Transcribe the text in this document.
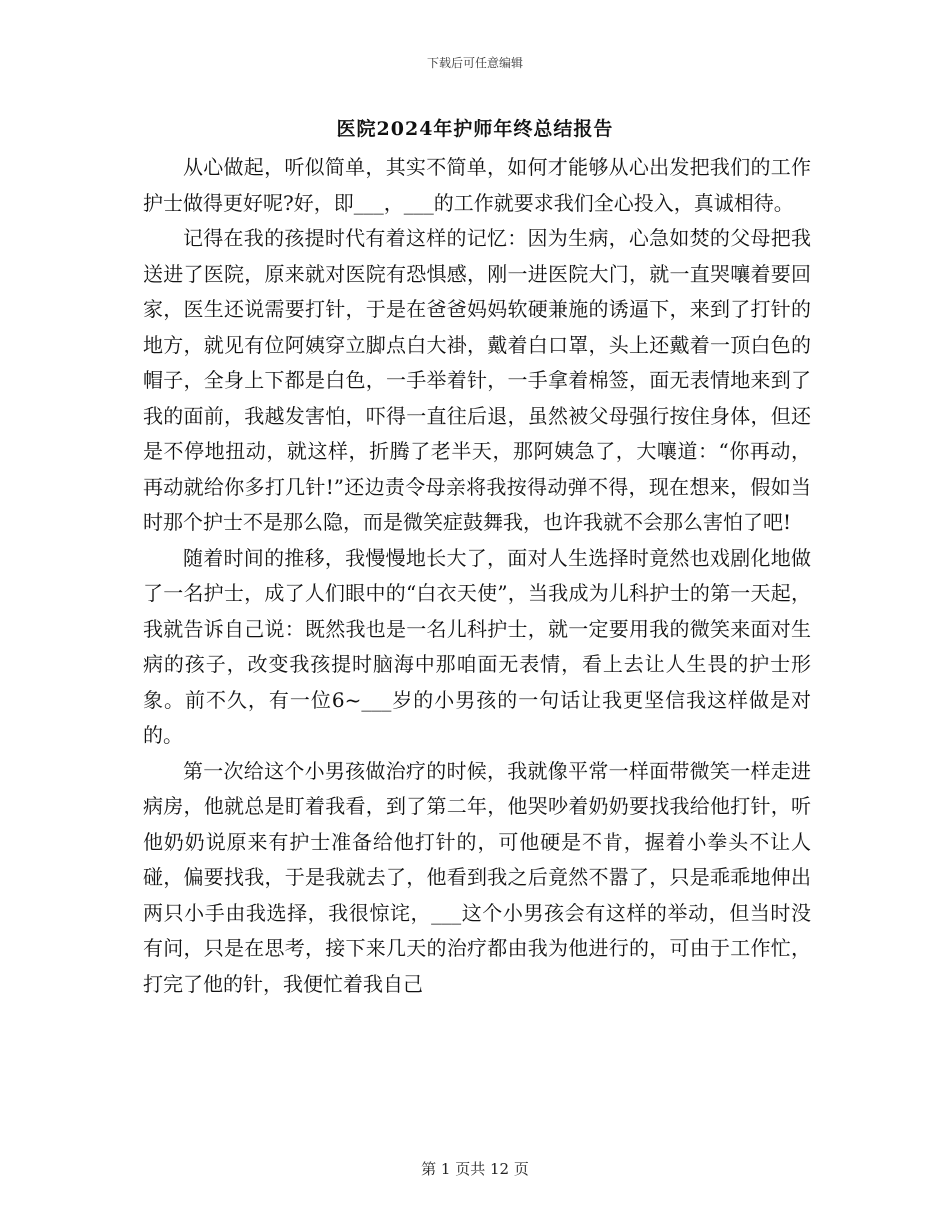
下载后可任意编辑
医院2024年护师年终总结报告

从心做起，听似简单，其实不简单，如何才能够从心出发把我们的工作护士做得更好呢?好，即___，___的工作就要求我们全心投入，真诚相待。

记得在我的孩提时代有着这样的记忆：因为生病，心急如焚的父母把我送进了医院，原来就对医院有恐惧感，刚一进医院大门，就一直哭嚷着要回家，医生还说需要打针，于是在爸爸妈妈软硬兼施的诱逼下，来到了打针的地方，就见有位阿姨穿立脚点白大褂，戴着白口罩，头上还戴着一顶白色的帽子，全身上下都是白色，一手举着针，一手拿着棉签，面无表情地来到了我的面前，我越发害怕，吓得一直往后退，虽然被父母强行按住身体，但还是不停地扭动，就这样，折腾了老半天，那阿姨急了，大嚷道：“你再动，再动就给你多打几针!”还边责令母亲将我按得动弹不得，现在想来，假如当时那个护士不是那么隐，而是微笑症鼓舞我，也许我就不会那么害怕了吧!

随着时间的推移，我慢慢地长大了，面对人生选择时竟然也戏剧化地做了一名护士，成了人们眼中的“白衣天使”，当我成为儿科护士的第一天起，我就告诉自己说：既然我也是一名儿科护士，就一定要用我的微笑来面对生病的孩子，改变我孩提时脑海中那咱面无表情，看上去让人生畏的护士形象。前不久，有一位6~___岁的小男孩的一句话让我更坚信我这样做是对的。

第一次给这个小男孩做治疗的时候，我就像平常一样面带微笑一样走进病房，他就总是盯着我看，到了第二年，他哭吵着奶奶要找我给他打针，听他奶奶说原来有护士准备给他打针的，可他硬是不肯，握着小拳头不让人碰，偏要找我，于是我就去了，他看到我之后竟然不嚣了，只是乖乖地伸出两只小手由我选择，我很惊诧，___这个小男孩会有这样的举动，但当时没有问，只是在思考，接下来几天的治疗都由我为他进行的，可由于工作忙，打完了他的针，我便忙着我自己

第 1 页共 12 页
